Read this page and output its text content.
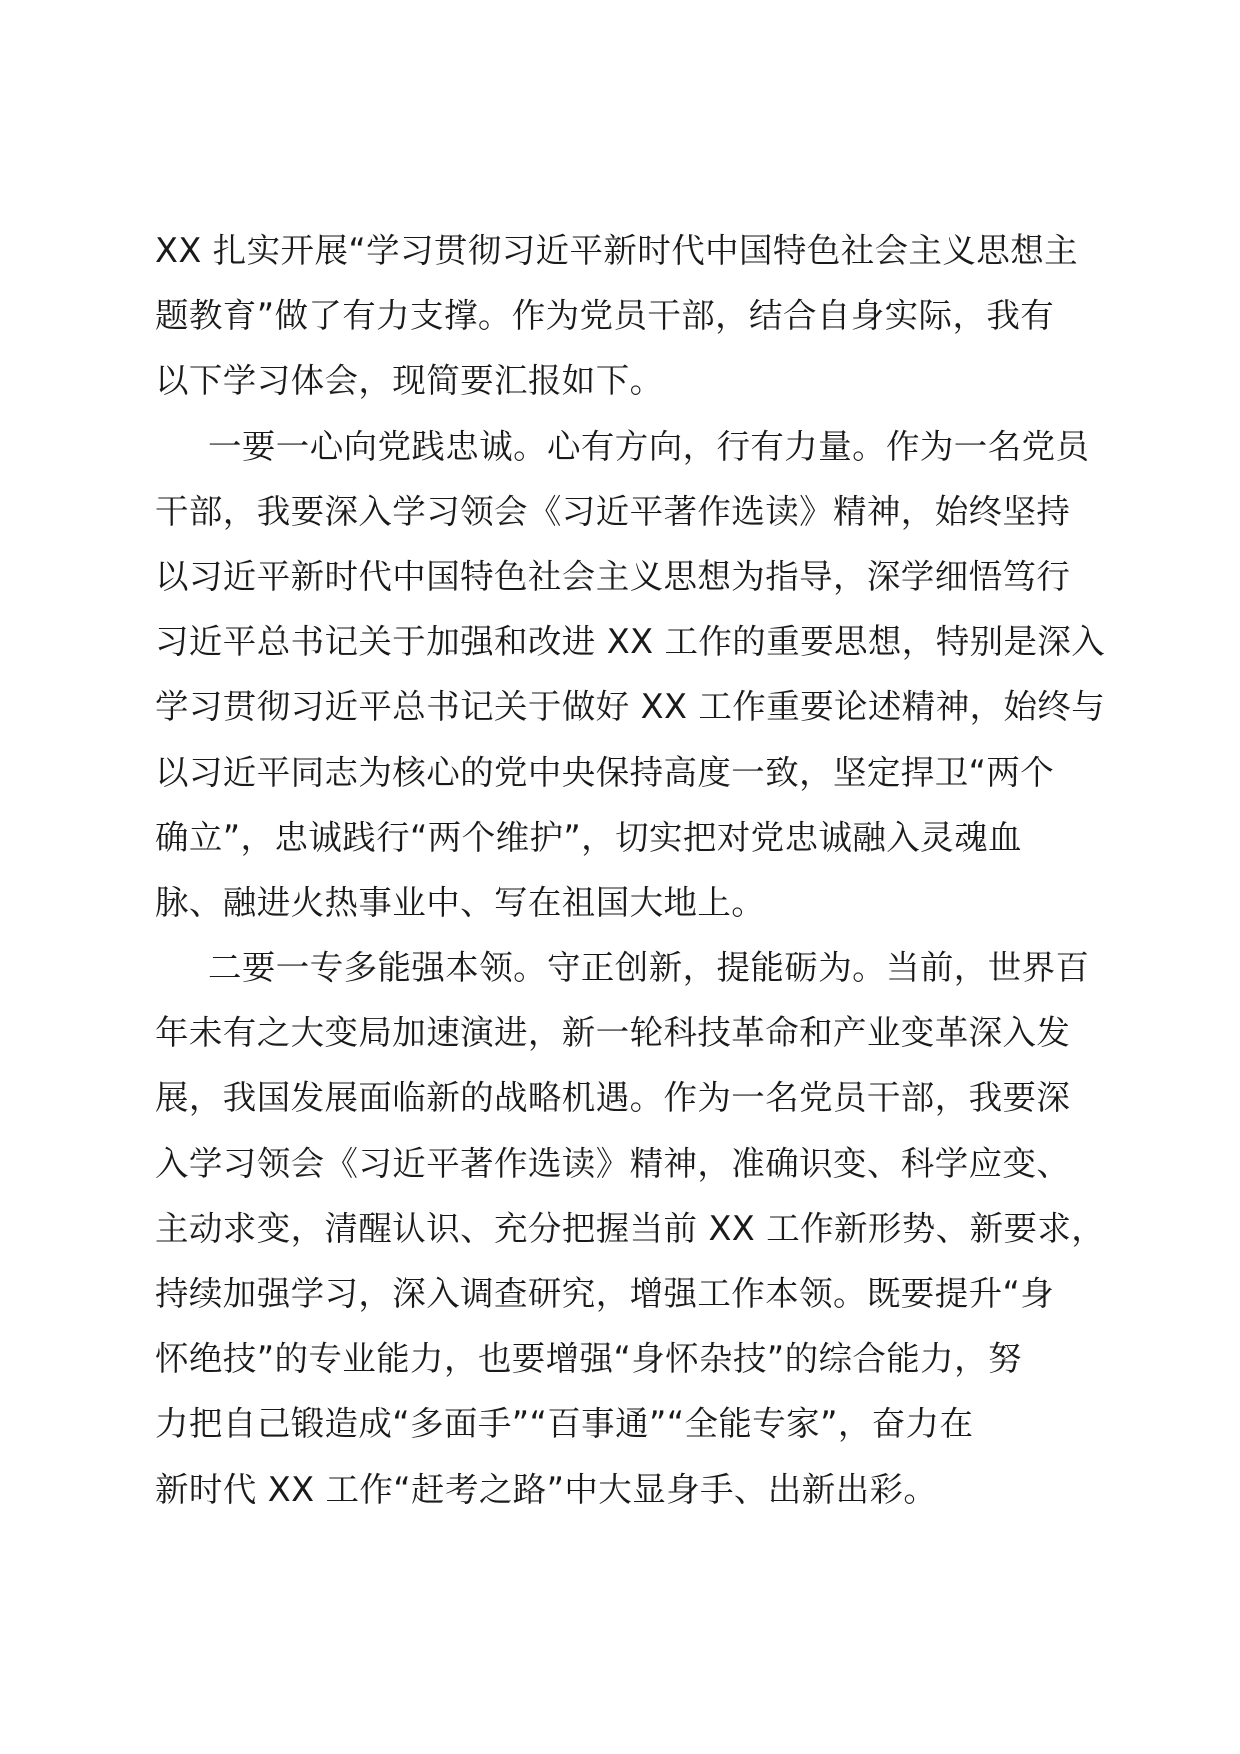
XX 扎实开展“学习贯彻习近平新时代中国特色社会主义思想主
题教育”做了有力支撑。作为党员干部，结合自身实际，我有
以下学习体会，现简要汇报如下。
一要一心向党践忠诚。心有方向，行有力量。作为一名党员
干部，我要深入学习领会《习近平著作选读》精神，始终坚持
以习近平新时代中国特色社会主义思想为指导，深学细悟笃行
习近平总书记关于加强和改进 XX 工作的重要思想，特别是深入
学习贯彻习近平总书记关于做好 XX 工作重要论述精神，始终与
以习近平同志为核心的党中央保持高度一致，坚定捍卫“两个
确立”，忠诚践行“两个维护”，切实把对党忠诚融入灵魂血
脉、融进火热事业中、写在祖国大地上。
二要一专多能强本领。守正创新，提能砺为。当前，世界百
年未有之大变局加速演进，新一轮科技革命和产业变革深入发
展，我国发展面临新的战略机遇。作为一名党员干部，我要深
入学习领会《习近平著作选读》精神，准确识变、科学应变、
主动求变，清醒认识、充分把握当前 XX 工作新形势、新要求，
持续加强学习，深入调查研究，增强工作本领。既要提升“身
怀绝技”的专业能力，也要增强“身怀杂技”的综合能力，努
力把自己锻造成“多面手”“百事通”“全能专家”，奋力在
新时代 XX 工作“赶考之路”中大显身手、出新出彩。
